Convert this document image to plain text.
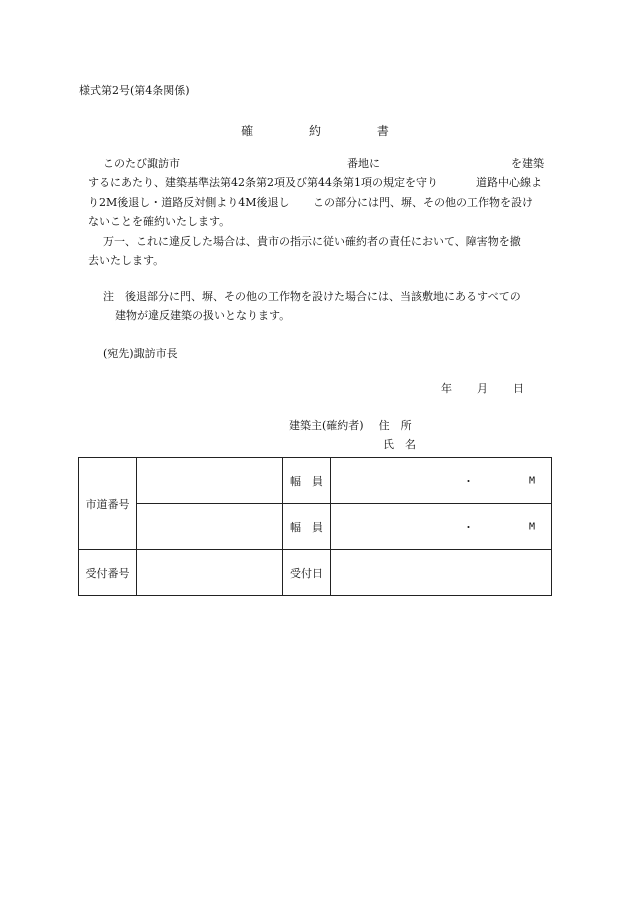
様式第2号(第4条関係)
確	約	書
このたび諏訪市	番地に	を建築
するにあたり、建築基準法第42条第2項及び第44条第1項の規定を守り	道路中心線よ
り2M後退し・道路反対側より4M後退し この部分には門、塀、その他の工作物を設け
ないことを確約いたします。
万一、これに違反した場合は、貴市の指示に従い確約者の責任において、障害物を撤
去いたします。
注　後退部分に門、塀、その他の工作物を設けた場合には、当該敷地にあるすべての
建物が違反建築の扱いとなります。
(宛先)諏訪市長
年 月 日
建築主(確約者) 住　所
氏　名
市道番号		幅　員	・ M

		幅　員	・ M

受付番号		受付日	
